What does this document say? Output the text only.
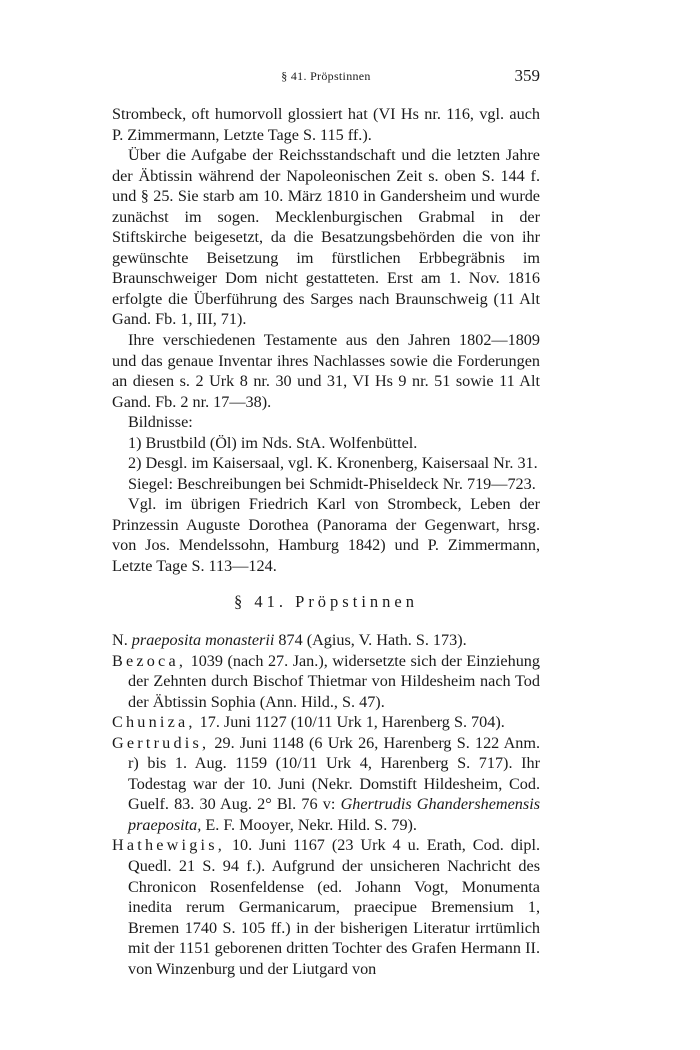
§ 41. Pröpstinnen	359

Strombeck, oft humorvoll glossiert hat (VI Hs nr. 116, vgl. auch P. Zimmermann, Letzte Tage S. 115 ff.).

Über die Aufgabe der Reichsstandschaft und die letzten Jahre der Äbtissin während der Napoleonischen Zeit s. oben S. 144 f. und § 25. Sie starb am 10. März 1810 in Gandersheim und wurde zunächst im sogen. Mecklenburgischen Grabmal in der Stiftskirche beigesetzt, da die Besatzungsbehörden die von ihr gewünschte Beisetzung im fürstlichen Erbbegräbnis im Braunschweiger Dom nicht gestatteten. Erst am 1. Nov. 1816 erfolgte die Überführung des Sarges nach Braunschweig (11 Alt Gand. Fb. 1, III, 71).

Ihre verschiedenen Testamente aus den Jahren 1802—1809 und das genaue Inventar ihres Nachlasses sowie die Forderungen an diesen s. 2 Urk 8 nr. 30 und 31, VI Hs 9 nr. 51 sowie 11 Alt Gand. Fb. 2 nr. 17—38).

Bildnisse:

1) Brustbild (Öl) im Nds. StA. Wolfenbüttel.

2) Desgl. im Kaisersaal, vgl. K. Kronenberg, Kaisersaal Nr. 31.

Siegel: Beschreibungen bei Schmidt-Phiseldeck Nr. 719—723.

Vgl. im übrigen Friedrich Karl von Strombeck, Leben der Prinzessin Auguste Dorothea (Panorama der Gegenwart, hrsg. von Jos. Mendelssohn, Hamburg 1842) und P. Zimmermann, Letzte Tage S. 113—124.

§ 41. Pröpstinnen

N. praeposita monasterii 874 (Agius, V. Hath. S. 173).

Bezoca, 1039 (nach 27. Jan.), widersetzte sich der Einziehung der Zehnten durch Bischof Thietmar von Hildesheim nach Tod der Äbtissin Sophia (Ann. Hild., S. 47).

Chuniza, 17. Juni 1127 (10/11 Urk 1, Harenberg S. 704).

Gertrudis, 29. Juni 1148 (6 Urk 26, Harenberg S. 122 Anm. r) bis 1. Aug. 1159 (10/11 Urk 4, Harenberg S. 717). Ihr Todestag war der 10. Juni (Nekr. Domstift Hildesheim, Cod. Guelf. 83. 30 Aug. 2° Bl. 76 v: Ghertrudis Ghandershemensis praeposita, E. F. Mooyer, Nekr. Hild. S. 79).

Hathewigis, 10. Juni 1167 (23 Urk 4 u. Erath, Cod. dipl. Quedl. 21 S. 94 f.). Aufgrund der unsicheren Nachricht des Chronicon Rosenfeldense (ed. Johann Vogt, Monumenta inedita rerum Germanicarum, praecipue Bremensium 1, Bremen 1740 S. 105 ff.) in der bisherigen Literatur irrtümlich mit der 1151 geborenen dritten Tochter des Grafen Hermann II. von Winzenburg und der Liutgard von
